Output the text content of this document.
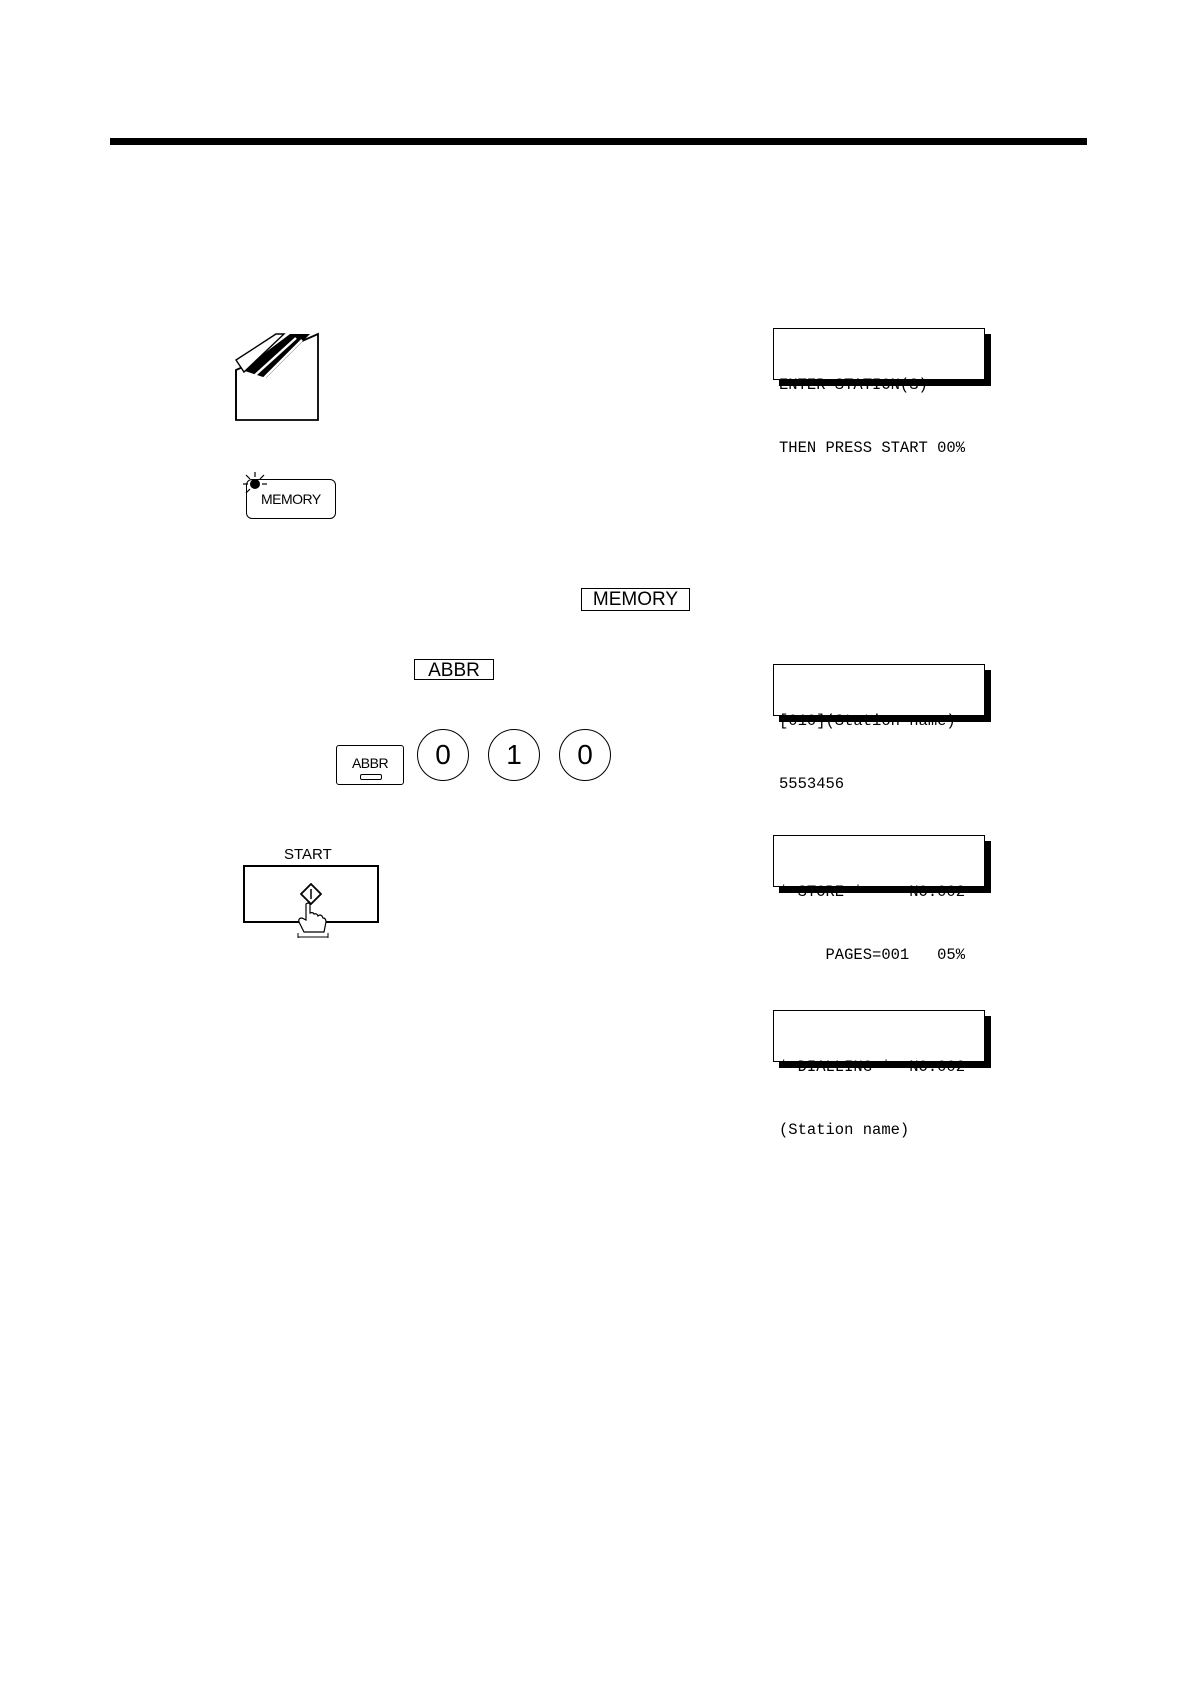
MEMORY
MEMORY
ABBR
ABBR	0	1	0
START

ENTER STATION(S)

THEN PRESS START 00%

[010](Station name)

5553456

* STORE *     NO.002

PAGES=001   05%

* DIALLING *  NO.002

(Station name)
